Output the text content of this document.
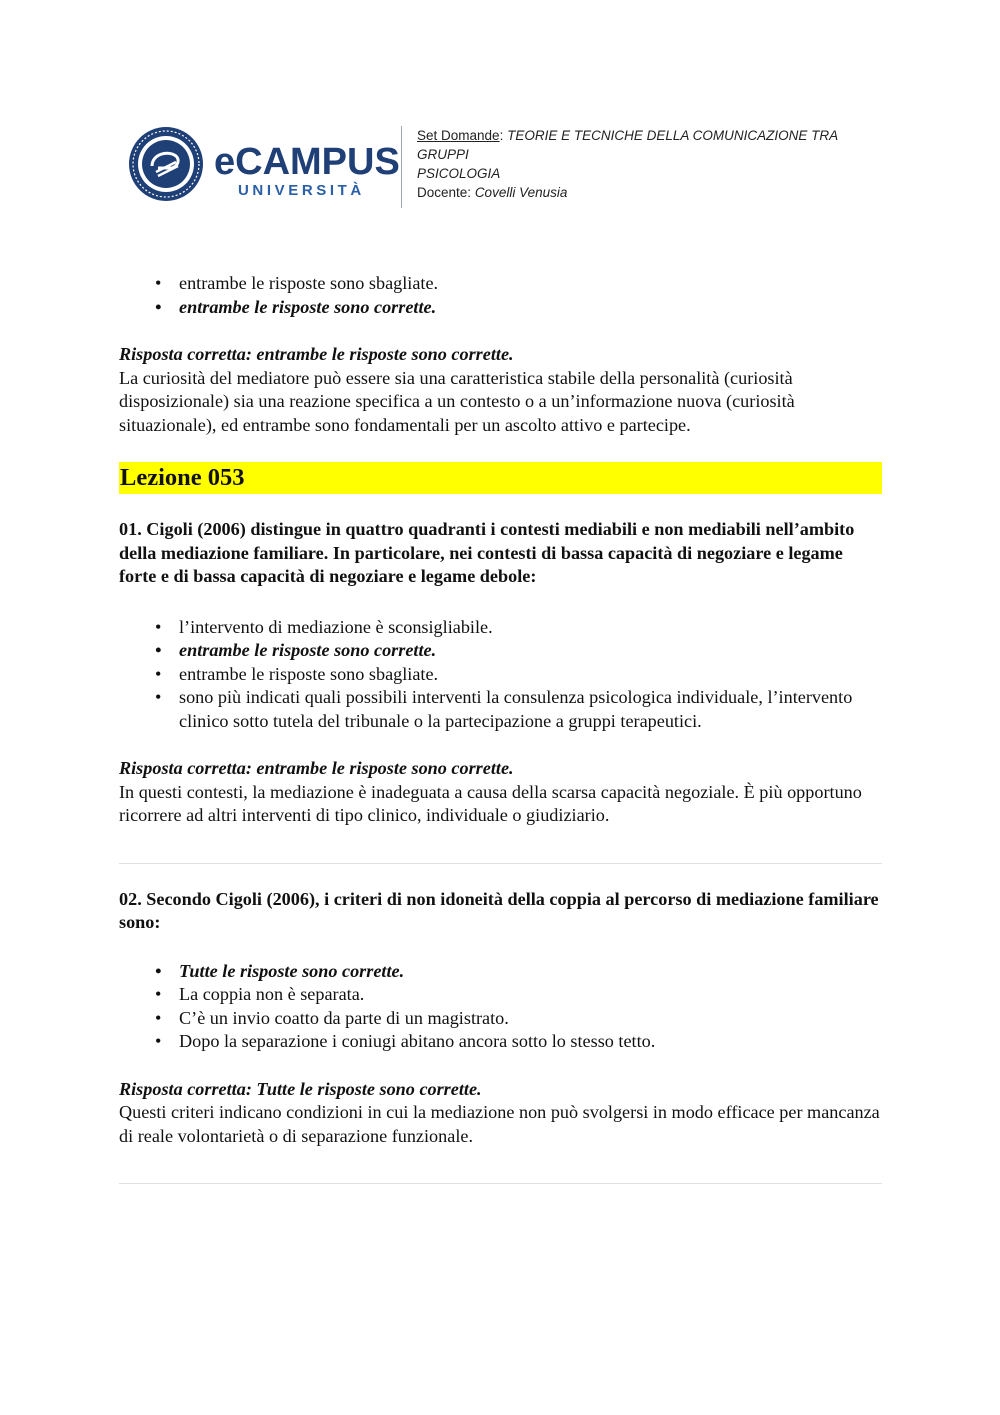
eCAMPUS
UNIVERSITÀ

Set Domande: TEORIE E TECNICHE DELLA COMUNICAZIONE TRA GRUPPI

PSICOLOGIA

Docente: Covelli Venusia

• entrambe le risposte sono sbagliate.
• entrambe le risposte sono corrette.

Risposta corretta: entrambe le risposte sono corrette.

La curiosità del mediatore può essere sia una caratteristica stabile della personalità (curiosità disposizionale) sia una reazione specifica a un contesto o a un’informazione nuova (curiosità situazionale), ed entrambe sono fondamentali per un ascolto attivo e partecipe.

Lezione 053

01. Cigoli (2006) distingue in quattro quadranti i contesti mediabili e non mediabili nell’ambito della mediazione familiare. In particolare, nei contesti di bassa capacità di negoziare e legame forte e di bassa capacità di negoziare e legame debole:

• l’intervento di mediazione è sconsigliabile.
• entrambe le risposte sono corrette.
• entrambe le risposte sono sbagliate.
• sono più indicati quali possibili interventi la consulenza psicologica individuale, l’intervento clinico sotto tutela del tribunale o la partecipazione a gruppi terapeutici.

Risposta corretta: entrambe le risposte sono corrette.

In questi contesti, la mediazione è inadeguata a causa della scarsa capacità negoziale. È più opportuno ricorrere ad altri interventi di tipo clinico, individuale o giudiziario.

02. Secondo Cigoli (2006), i criteri di non idoneità della coppia al percorso di mediazione familiare sono:

• Tutte le risposte sono corrette.
• La coppia non è separata.
• C’è un invio coatto da parte di un magistrato.
• Dopo la separazione i coniugi abitano ancora sotto lo stesso tetto.

Risposta corretta: Tutte le risposte sono corrette.

Questi criteri indicano condizioni in cui la mediazione non può svolgersi in modo efficace per mancanza di reale volontarietà o di separazione funzionale.
